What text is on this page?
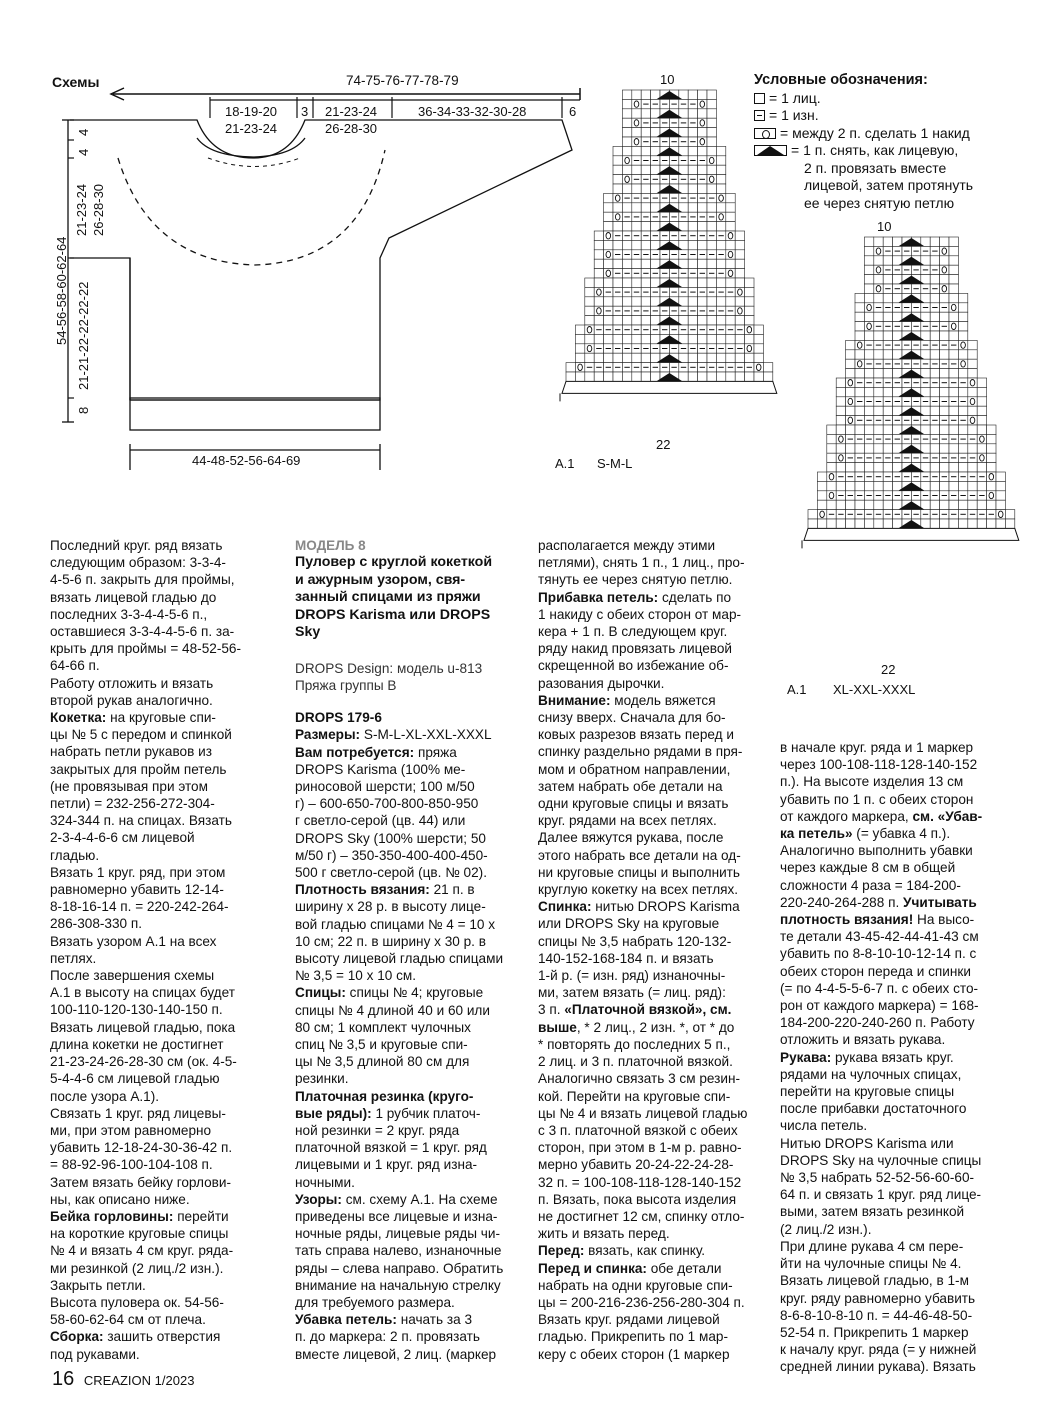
Схемы	74-75-76-77-78-79
18-19-20
21-23-24
3 21-23-24
26-28-30
36-34-33-32-30-28	6
44-48-52-56-64-69
54-56-58-60-62-64
4
4
21-23-24 26-28-30
21-21-22-22-22-22
8
10
22
A.1 S-M-L
10
22
A.1 XL-XXL-XXXL
Условные обозначения:
= 1 лиц.
= 1 изн.
= между 2 п. сделать 1 накид
= 1 п. снять, как лицевую,
2 п. провязать вместе
лицевой, затем протянуть
ее через снятую петлю

Последний круг. ряд вязать

следующим образом: 3-3-4-

4-5-6 п. закрыть для проймы,

вязать лицевой гладью до

последних 3-3-4-4-5-6 п.,

оставшиеся 3-3-4-4-5-6 п. за-

крыть для проймы = 48-52-56-

64-66 п.

Работу отложить и вязать

второй рукав аналогично.

Кокетка: на круговые спи-

цы № 5 с передом и спинкой

набрать петли рукавов из

закрытых для пройм петель

(не провязывая при этом

петли) = 232-256-272-304-

324-344 п. на спицах. Вязать

2-3-4-4-6-6 см лицевой

гладью.

Вязать 1 круг. ряд, при этом

равномерно убавить 12-14-

8-18-16-14 п. = 220-242-264-

286-308-330 п.

Вязать узором А.1 на всех

петлях.

После завершения схемы

А.1 в высоту на спицах будет

100-110-120-130-140-150 п.

Вязать лицевой гладью, пока

длина кокетки не достигнет

21-23-24-26-28-30 см (ок. 4-5-

5-4-4-6 см лицевой гладью

после узора А.1).

Связать 1 круг. ряд лицевы-

ми, при этом равномерно

убавить 12-18-24-30-36-42 п.

= 88-92-96-100-104-108 п.

Затем вязать бейку горлови-

ны, как описано ниже.

Бейка горловины: перейти

на короткие круговые спицы

№ 4 и вязать 4 см круг. ряда-

ми резинкой (2 лиц./2 изн.).

Закрыть петли.

Высота пуловера ок. 54-56-

58-60-62-64 см от плеча.

Сборка: зашить отверстия

под рукавами.

МОДЕЛЬ 8

Пуловер с круглой кокеткой

и ажурным узором, свя-

занный спицами из пряжи

DROPS Karisma или DROPS

Sky

DROPS Design: модель u-813

Пряжа группы B

DROPS 179-6

Размеры: S-M-L-XL-XXL-XXXL

Вам потребуется: пряжа

DROPS Karisma (100% ме-

риносовой шерсти; 100 м/50

г) – 600-650-700-800-850-950

г светло-серой (цв. 44) или

DROPS Sky (100% шерсти; 50

м/50 г) – 350-350-400-400-450-

500 г светло-серой (цв. № 02).

Плотность вязания: 21 п. в

ширину х 28 р. в высоту лице-

вой гладью спицами № 4 = 10 х

10 см; 22 п. в ширину х 30 р. в

высоту лицевой гладью спицами

№ 3,5 = 10 х 10 см.

Спицы: спицы № 4; круговые

спицы № 4 длиной 40 и 60 или

80 см; 1 комплект чулочных

спиц № 3,5 и круговые спи-

цы № 3,5 длиной 80 см для

резинки.

Платочная резинка (круго-

вые ряды): 1 рубчик платоч-

ной резинки = 2 круг. ряда

платочной вязкой = 1 круг. ряд

лицевыми и 1 круг. ряд изна-

ночными.

Узоры: см. схему А.1. На схеме

приведены все лицевые и изна-

ночные ряды, лицевые ряды чи-

тать справа налево, изнаночные

ряды – слева направо. Обратить

внимание на начальную стрелку

для требуемого размера.

Убавка петель: начать за 3

п. до маркера: 2 п. провязать

вместе лицевой, 2 лиц. (маркер

располагается между этими

петлями), снять 1 п., 1 лиц., про-

тянуть ее через снятую петлю.

Прибавка петель: сделать по

1 накиду с обеих сторон от мар-

кера + 1 п. В следующем круг.

ряду накид провязать лицевой

скрещенной во избежание об-

разования дырочки.

Внимание: модель вяжется

снизу вверх. Сначала для бо-

ковых разрезов вязать перед и

спинку раздельно рядами в пря-

мом и обратном направлении,

затем набрать обе детали на

одни круговые спицы и вязать

круг. рядами на всех петлях.

Далее вяжутся рукава, после

этого набрать все детали на од-

ни круговые спицы и выполнить

круглую кокетку на всех петлях.

Спинка: нитью DROPS Karisma

или DROPS Sky на круговые

спицы № 3,5 набрать 120-132-

140-152-168-184 п. и вязать

1-й р. (= изн. ряд) изнаночны-

ми, затем вязать (= лиц. ряд):

3 п. «Платочной вязкой», см.

выше, * 2 лиц., 2 изн. *, от * до

* повторять до последних 5 п.,

2 лиц. и 3 п. платочной вязкой.

Аналогично связать 3 см резин-

кой. Перейти на круговые спи-

цы № 4 и вязать лицевой гладью

с 3 п. платочной вязкой с обеих

сторон, при этом в 1-м р. равно-

мерно убавить 20-24-22-24-28-

32 п. = 100-108-118-128-140-152

п. Вязать, пока высота изделия

не достигнет 12 см, спинку отло-

жить и вязать перед.

Перед: вязать, как спинку.

Перед и спинка: обе детали

набрать на одни круговые спи-

цы = 200-216-236-256-280-304 п.

Вязать круг. рядами лицевой

гладью. Прикрепить по 1 мар-

керу с обеих сторон (1 маркер

в начале круг. ряда и 1 маркер

через 100-108-118-128-140-152

п.). На высоте изделия 13 см

убавить по 1 п. с обеих сторон

от каждого маркера, см. «Убав-

ка петель» (= убавка 4 п.).

Аналогично выполнить убавки

через каждые 8 см в общей

сложности 4 раза = 184-200-

220-240-264-288 п. Учитывать

плотность вязания! На высо-

те детали 43-45-42-44-41-43 см

убавить по 8-8-10-10-12-14 п. с

обеих сторон переда и спинки

(= по 4-4-5-5-6-7 п. с обеих сто-

рон от каждого маркера) = 168-

184-200-220-240-260 п. Работу

отложить и вязать рукава.

Рукава: рукава вязать круг.

рядами на чулочных спицах,

перейти на круговые спицы

после прибавки достаточного

числа петель.

Нитью DROPS Karisma или

DROPS Sky на чулочные спицы

№ 3,5 набрать 52-52-56-60-60-

64 п. и связать 1 круг. ряд лице-

выми, затем вязать резинкой

(2 лиц./2 изн.).

При длине рукава 4 см пере-

йти на чулочные спицы № 4.

Вязать лицевой гладью, в 1-м

круг. ряду равномерно убавить

8-6-8-10-8-10 п. = 44-46-48-50-

52-54 п. Прикрепить 1 маркер

к началу круг. ряда (= у нижней

средней линии рукава). Вязать

16 CREAZION 1/2023
